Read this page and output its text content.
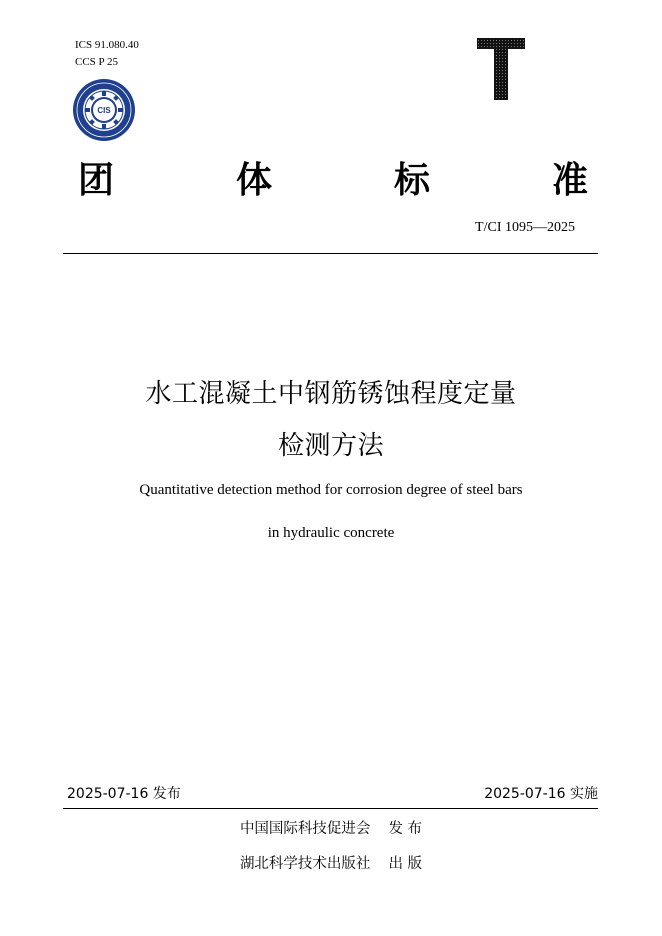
ICS 91.080.40
CCS P 25
CIS
团	体	标	准
T/CI 1095—2025
水工混凝土中钢筋锈蚀程度定量
检测方法
Quantitative detection method for corrosion degree of steel bars
in hydraulic concrete
2025-07-16 发布	2025-07-16 实施
中国国际科技促进会 发 布
湖北科学技术出版社 出 版
